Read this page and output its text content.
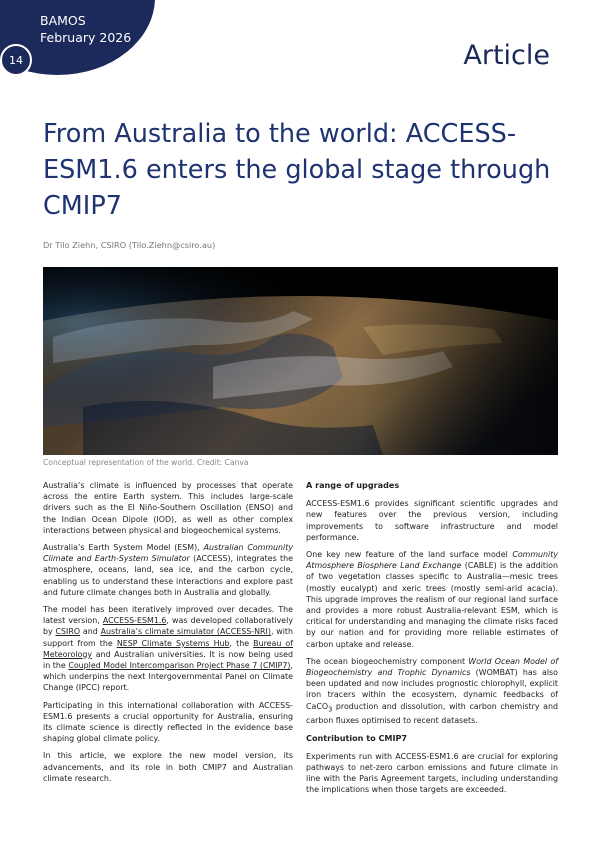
BAMOS
February 2026
14	Article
From Australia to the world: ACCESS-ESM1.6 enters the global stage through CMIP7
Dr Tilo Ziehn, CSIRO (Tilo.Ziehn@csiro.au)
Conceptual representation of the world. Credit: Canva

Australia’s climate is influenced by processes that operate across the entire Earth system. This includes large-scale drivers such as the El Niño-Southern Oscillation (ENSO) and the Indian Ocean Dipole (IOD), as well as other complex interactions between physical and biogeochemical systems.

Australia’s Earth System Model (ESM), Australian Community Climate and Earth-System Simulator (ACCESS), integrates the atmosphere, oceans, land, sea ice, and the carbon cycle, enabling us to understand these interactions and explore past and future climate changes both in Australia and globally.

The model has been iteratively improved over decades. The latest version, ACCESS-ESM1.6, was developed collaboratively by CSIRO and Australia’s climate simulator (ACCESS-NRI), with support from the NESP Climate Systems Hub, the Bureau of Meteorology and Australian universities. It is now being used in the Coupled Model Intercomparison Project Phase 7 (CMIP7), which underpins the next Intergovernmental Panel on Climate Change (IPCC) report.

Participating in this international collaboration with ACCESS-ESM1.6 presents a crucial opportunity for Australia, ensuring its climate science is directly reflected in the evidence base shaping global climate policy.

In this article, we explore the new model version, its advancements, and its role in both CMIP7 and Australian climate research.

A range of upgrades

ACCESS-ESM1.6 provides significant scientific upgrades and new features over the previous version, including improvements to software infrastructure and model performance.

One key new feature of the land surface model Community Atmosphere Biosphere Land Exchange (CABLE) is the addition of two vegetation classes specific to Australia—mesic trees (mostly eucalypt) and xeric trees (mostly semi-arid acacia). This upgrade improves the realism of our regional land surface and provides a more robust Australia-relevant ESM, which is critical for understanding and managing the climate risks faced by our nation and for providing more reliable estimates of carbon uptake and release.

The ocean biogeochemistry component World Ocean Model of Biogeochemistry and Trophic Dynamics (WOMBAT) has also been updated and now includes prognostic chlorophyll, explicit iron tracers within the ecosystem, dynamic feedbacks of CaCO$_3$ production and dissolution, with carbon chemistry and carbon fluxes optimised to recent datasets.

Contribution to CMIP7

Experiments run with ACCESS-ESM1.6 are crucial for exploring pathways to net-zero carbon emissions and future climate in line with the Paris Agreement targets, including understanding the implications when those targets are exceeded.
